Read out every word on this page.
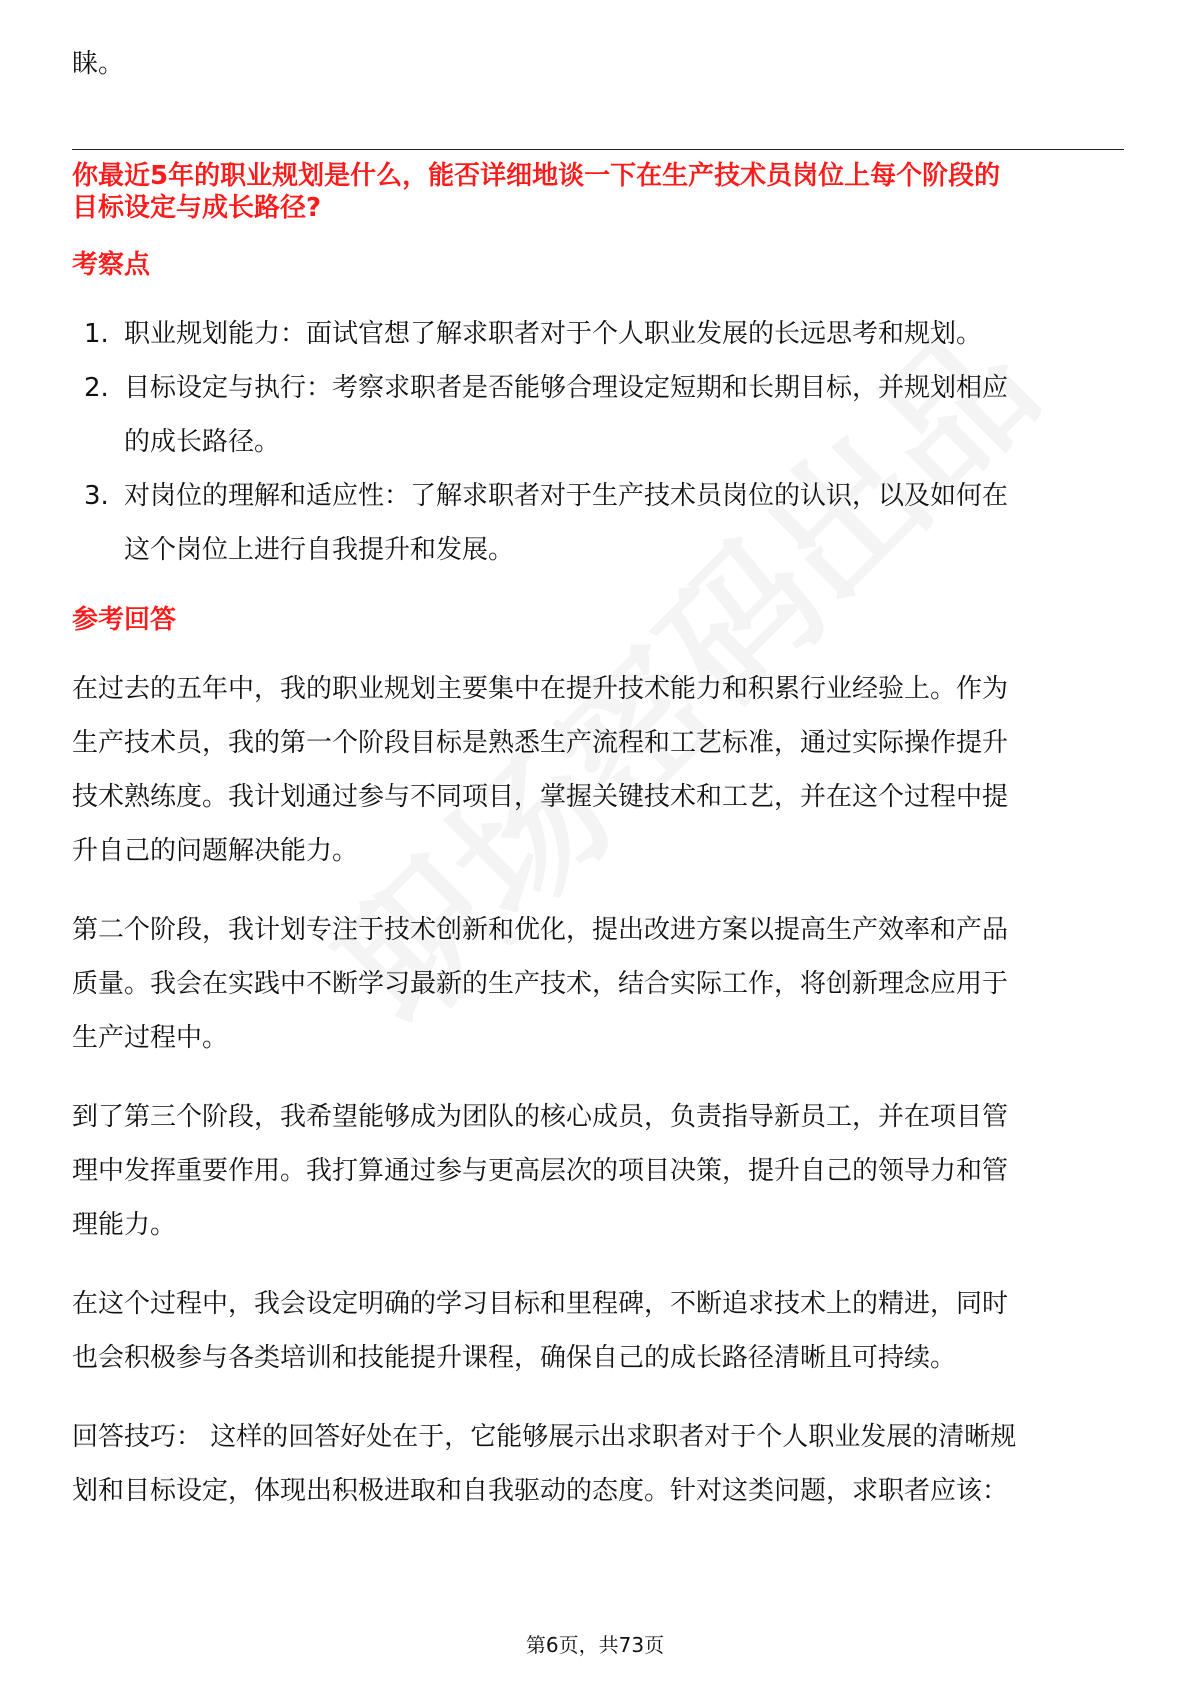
睐。
你最近5年的职业规划是什么，能否详细地谈一下在生产技术员岗位上每个阶段的
目标设定与成长路径?
考察点
1. 职业规划能力：面试官想了解求职者对于个人职业发展的长远思考和规划。
2. 目标设定与执行：考察求职者是否能够合理设定短期和长期目标，并规划相应
的成长路径。
3. 对岗位的理解和适应性：了解求职者对于生产技术员岗位的认识，以及如何在
这个岗位上进行自我提升和发展。
参考回答
在过去的五年中，我的职业规划主要集中在提升技术能力和积累行业经验上。作为
生产技术员，我的第一个阶段目标是熟悉生产流程和工艺标准，通过实际操作提升
技术熟练度。我计划通过参与不同项目，掌握关键技术和工艺，并在这个过程中提
升自己的问题解决能力。
第二个阶段，我计划专注于技术创新和优化，提出改进方案以提高生产效率和产品
质量。我会在实践中不断学习最新的生产技术，结合实际工作，将创新理念应用于
生产过程中。
到了第三个阶段，我希望能够成为团队的核心成员，负责指导新员工，并在项目管
理中发挥重要作用。我打算通过参与更高层次的项目决策，提升自己的领导力和管
理能力。
在这个过程中，我会设定明确的学习目标和里程碑，不断追求技术上的精进，同时
也会积极参与各类培训和技能提升课程，确保自己的成长路径清晰且可持续。
回答技巧： 这样的回答好处在于，它能够展示出求职者对于个人职业发展的清晰规
划和目标设定，体现出积极进取和自我驱动的态度。针对这类问题，求职者应该：
第6页，共73页
